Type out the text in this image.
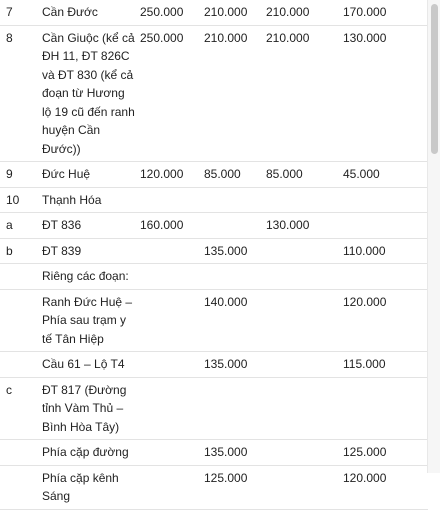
7	Cần Đước	250.000	210.000	210.000	170.000
8	Cần Giuộc (kể cả ĐH 11, ĐT 826C và ĐT 830 (kể cả đoạn từ Hương lộ 19 cũ đến ranh huyện Cần Đước))	250.000	210.000	210.000	130.000
9	Đức Huệ	120.000	85.000	85.000	45.000
10	Thạnh Hóa				
a	ĐT 836	160.000		130.000	
b	ĐT 839		135.000		110.000
	Riêng các đoạn:				
	Ranh Đức Huệ – Phía sau trạm y tế Tân Hiệp		140.000		120.000
	Cầu 61 – Lộ T4		135.000		115.000
c	ĐT 817 (Đường tỉnh Vàm Thủ – Bình Hòa Tây)				
	Phía cặp đường		135.000		125.000
	Phía cặp kênh Sáng		125.000		120.000
